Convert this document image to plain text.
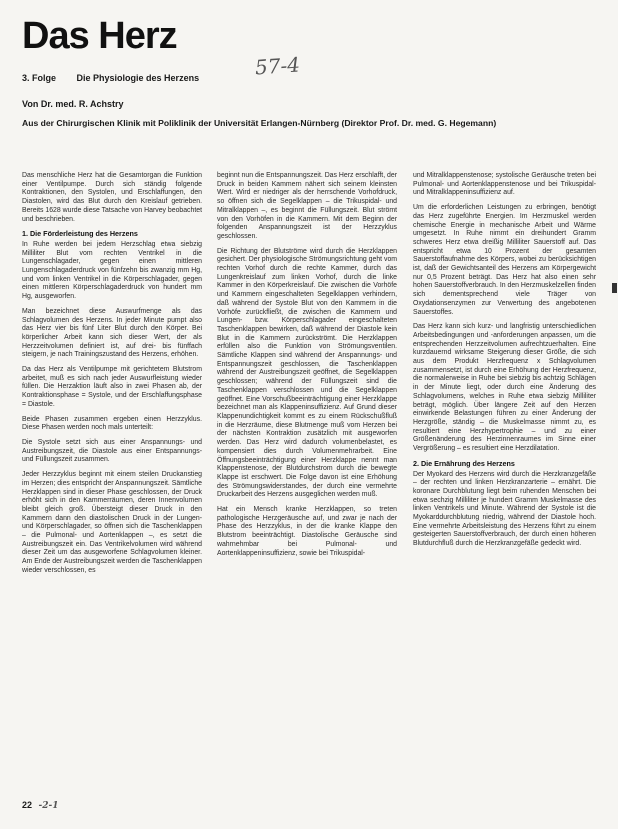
Das Herz
57-4
3. Folge Die Physiologie des Herzens
Von Dr. med. R. Achstry
Aus der Chirurgischen Klinik mit Poliklinik der Universität Erlangen-Nürnberg (Direktor Prof. Dr. med. G. Hegemann)

Das menschliche Herz hat die Gesamtorgan die Funktion einer Ventilpumpe. Durch sich ständig folgende Kontraktionen, den Systolen, und Erschlaffungen, den Diastolen, wird das Blut durch den Kreislauf getrieben. Bereits 1628 wurde diese Tatsache von Harvey beobachtet und beschrieben.

1. Die Förderleistung des Herzens

In Ruhe werden bei jedem Herzschlag etwa siebzig Milliliter Blut vom rechten Ventrikel in die Lungenschlagader, gegen einen mittleren Lungenschlagaderdruck von fünfzehn bis zwanzig mm Hg, und vom linken Ventrikel in die Körperschlagader, gegen einen mittleren Körperschlagaderdruck von hundert mm Hg, ausgeworfen.

Man bezeichnet diese Auswurfmenge als das Schlagvolumen des Herzens. In jeder Minute pumpt also das Herz vier bis fünf Liter Blut durch den Körper. Bei körperlicher Arbeit kann sich dieser Wert, der als Herzzeitvolumen definiert ist, auf drei- bis fünffach steigern, je nach Trainingszustand des Herzens, erhöhen.

Da das Herz als Ventilpumpe mit gerichtetem Blutstrom arbeitet, muß es sich nach jeder Auswurfleistung wieder füllen. Die Herzaktion läuft also in zwei Phasen ab, der Kontraktionsphase = Systole, und der Erschlaffungsphase = Diastole.

Beide Phasen zusammen ergeben einen Herzzyklus. Diese Phasen werden noch mals unterteilt:

Die Systole setzt sich aus einer Anspannungs- und Austreibungszeit, die Diastole aus einer Entspannungs- und Füllungszeit zusammen.

Jeder Herzzyklus beginnt mit einem steilen Druckanstieg im Herzen; dies entspricht der Anspannungszeit. Sämtliche Herzklappen sind in dieser Phase geschlossen, der Druck erhöht sich in den Kammerräumen, deren Innenvolumen bleibt gleich groß. Übersteigt dieser Druck in den Kammern dann den diastolischen Druck in der Lungen- und Körperschlagader, so öffnen sich die Taschenklappen – die Pulmonal- und Aortenklappen –, es setzt die Austreibungszeit ein. Das Ventrikelvolumen wird während dieser Zeit um das ausgeworfene Schlagvolumen kleiner. Am Ende der Austreibungszeit werden die Taschenklappen wieder verschlossen, es

beginnt nun die Entspannungszeit. Das Herz erschlafft, der Druck in beiden Kammern nähert sich seinem kleinsten Wert. Wird er niedriger als der herrschende Vorhofdruck, so öffnen sich die Segelklappen – die Trikuspidal- und Mitralklappen –, es beginnt die Füllungszeit. Blut strömt von den Vorhöfen in die Kammern. Mit dem Beginn der folgenden Anspannungszeit ist der Herzzyklus geschlossen.

Die Richtung der Blutströme wird durch die Herzklappen gesichert. Der physiologische Strömungsrichtung geht vom rechten Vorhof durch die rechte Kammer, durch das Lungenkreislauf zum linken Vorhof, durch die linke Kammer in den Körperkreislauf. Die zwischen die Vorhöfe und Kammern eingeschalteten Segelklappen verhindern, daß während der Systole Blut von den Kammern in die Vorhöfe zurückfließt, die zwischen die Kammern und Lungen- bzw. Körperschlagader eingeschalteten Taschenklappen bewirken, daß während der Diastole kein Blut in die Kammern zurückströmt. Die Herzklappen erfüllen also die Funktion von Strömungsventilen. Sämtliche Klappen sind während der Anspannungs- und Entspannungszeit geschlossen, die Taschenklappen während der Austreibungszeit geöffnet, die Segelklappen geschlossen; während der Füllungszeit sind die Taschenklappen verschlossen und die Segelklappen geöffnet. Eine Vorschußbeeinträchtigung einer Herzklappe bezeichnet man als Klappeninsuffizienz. Auf Grund dieser Klappenundichtigkeit kommt es zu einem Rückschußfluß in die Herzräume, diese Blutmenge muß vom Herzen bei der nächsten Kontraktion zusätzlich mit ausgeworfen werden. Das Herz wird dadurch volumenbelastet, es kompensiert dies durch Volumenmehrarbeit. Eine Öffnungsbeeinträchtigung einer Herzklappe nennt man Klappenstenose, der Blutdurchstrom durch die bewegte Klappe ist erschwert. Die Folge davon ist eine Erhöhung des Strömungswiderstandes, der durch eine vermehrte Druckarbeit des Herzens ausgeglichen werden muß.

Hat ein Mensch kranke Herzklappen, so treten pathologische Herzgeräusche auf, und zwar je nach der Phase des Herzzyklus, in der die kranke Klappe den Blutstrom beeinträchtigt. Diastolische Geräusche sind wahrnehmbar bei Pulmonal- und Aortenklappeninsuffizienz, sowie bei Trikuspidal-

und Mitralklappenstenose; systolische Geräusche treten bei Pulmonal- und Aortenklappenstenose und bei Trikuspidal- und Mitralklappeninsuffizienz auf.

Um die erforderlichen Leistungen zu erbringen, benötigt das Herz zugeführte Energien. Im Herzmuskel werden chemische Energie in mechanische Arbeit und Wärme umgesetzt. In Ruhe nimmt ein dreihundert Gramm schweres Herz etwa dreißig Milliliter Sauerstoff auf. Das entspricht etwa 10 Prozent der gesamten Sauerstoffaufnahme des Körpers, wobei zu berücksichtigen ist, daß der Gewichtsanteil des Herzens am Körpergewicht nur 0,5 Prozent beträgt. Das Herz hat also einen sehr hohen Sauerstoffverbrauch. In den Herzmuskelzellen finden sich dementsprechend viele Träger von Oxydationsenzymen zur Verwertung des angebotenen Sauerstoffes.

Das Herz kann sich kurz- und langfristig unterschiedlichen Arbeitsbedingungen und -anforderungen anpassen, um die entsprechenden Herzzeitvolumen aufrechtzuerhalten. Eine kurzdauernd wirksame Steigerung dieser Größe, die sich aus dem Produkt Herzfrequenz x Schlagvolumen zusammensetzt, ist durch eine Erhöhung der Herzfrequenz, die normalerweise in Ruhe bei siebzig bis achtzig Schlägen in der Minute liegt, oder durch eine Änderung des Schlagvolumens, welches in Ruhe etwa siebzig Milliliter beträgt, möglich. Über längere Zeit auf den Herzen einwirkende Belastungen führen zu einer Änderung der Herzgröße, ständig – die Muskelmasse nimmt zu, es resultiert eine Herzhypertrophie – und zu einer Größenänderung des Herzinnenraumes im Sinne einer Vergrößerung – es resultiert eine Herzdilatation.

2. Die Ernährung des Herzens

Der Myokard des Herzens wird durch die Herzkranzgefäße – der rechten und linken Herzkranzarterie – ernährt. Die koronare Durchblutung liegt beim ruhenden Menschen bei etwa sechzig Milliliter je hundert Gramm Muskelmasse des linken Ventrikels und Minute. Während der Systole ist die Myokarddurchblutung niedrig, während der Diastole hoch. Eine vermehrte Arbeitsleistung des Herzens führt zu einem gesteigerten Sauerstoffverbrauch, der durch einen höheren Blutdurchfluß durch die Herzkranzgefäße gedeckt wird.

22 -2-1
